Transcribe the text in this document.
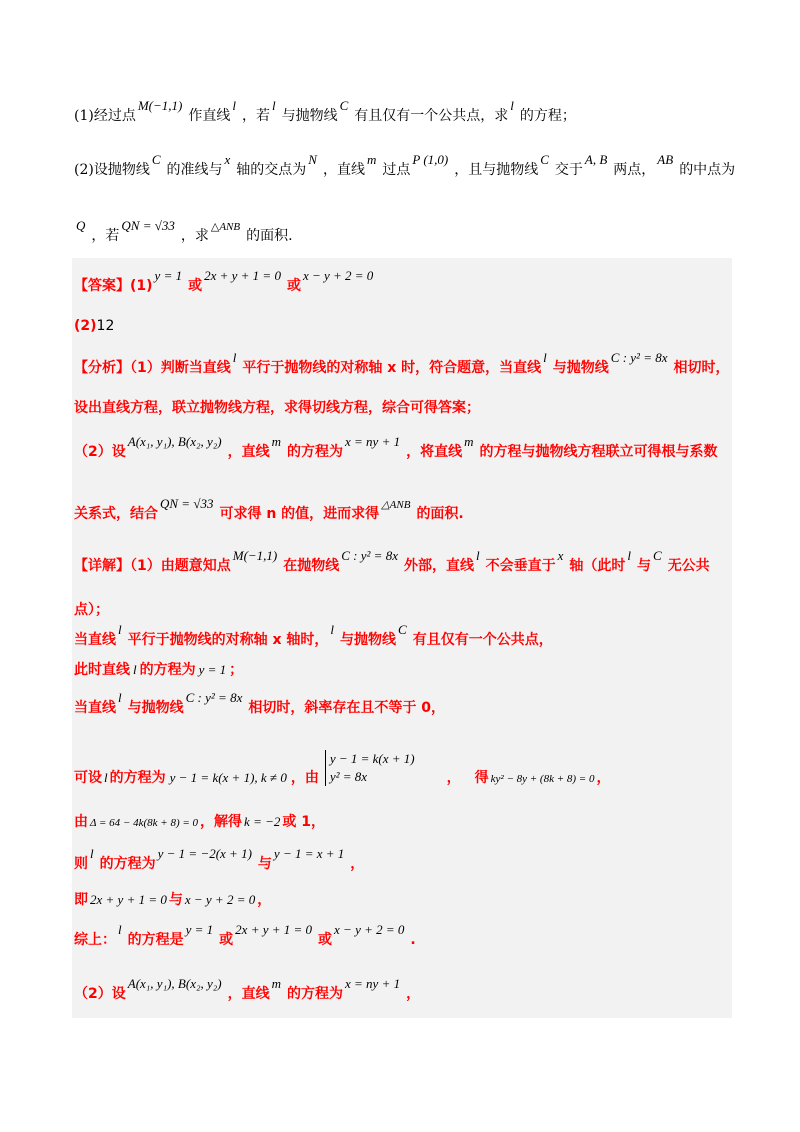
(1)经过点M(−1,1)作直线l，若l与抛物线C有且仅有一个公共点，求l的方程；
(2)设抛物线C的准线与x轴的交点为N，直线m过点P (1,0)，且与抛物线C交于A, B两点，AB的中点为
Q，若QN = √33，求$^{\triangle ANB}$的面积.
【答案】(1)y = 1或2x + y + 1 = 0或x − y + 2 = 0
(2)12
【分析】（1）判断当直线l平行于抛物线的对称轴 x 时，符合题意，当直线l与抛物线C : y² = 8x相切时，
设出直线方程，联立抛物线方程，求得切线方程，综合可得答案；
（2）设A(x₁, y₁), B(x₂, y₂)，直线m的方程为x = ny + 1，将直线m的方程与抛物线方程联立可得根与系数
关系式，结合QN = √33可求得 n 的值，进而求得$^{\triangle ANB}$的面积.
【详解】（1）由题意知点M(−1,1)在抛物线C : y² = 8x外部，直线l不会垂直于x轴（此时l与C无公共
点）；
当直线l平行于抛物线的对称轴 x 轴时，l与抛物线C有且仅有一个公共点，
此时直线 l 的方程为 y = 1 ；
当直线l与抛物线C : y² = 8x相切时，斜率存在且不等于 0，
可设 l 的方程为 y − 1 = k(x + 1), k ≠ 0 ，由y − 1 = k(x + 1)
y² = 8x	， 得 ky² − 8y + (8k + 8) = 0 ，
由 Δ = 64 − 4k(8k + 8) = 0 ，解得 k = −2 或 1，
则l的方程为y − 1 = −2(x + 1)与y − 1 = x + 1，
即 2x + y + 1 = 0 与 x − y + 2 = 0 ，
综上：l的方程是y = 1或2x + y + 1 = 0或x − y + 2 = 0.
（2）设A(x₁, y₁), B(x₂, y₂)，直线m的方程为x = ny + 1，
